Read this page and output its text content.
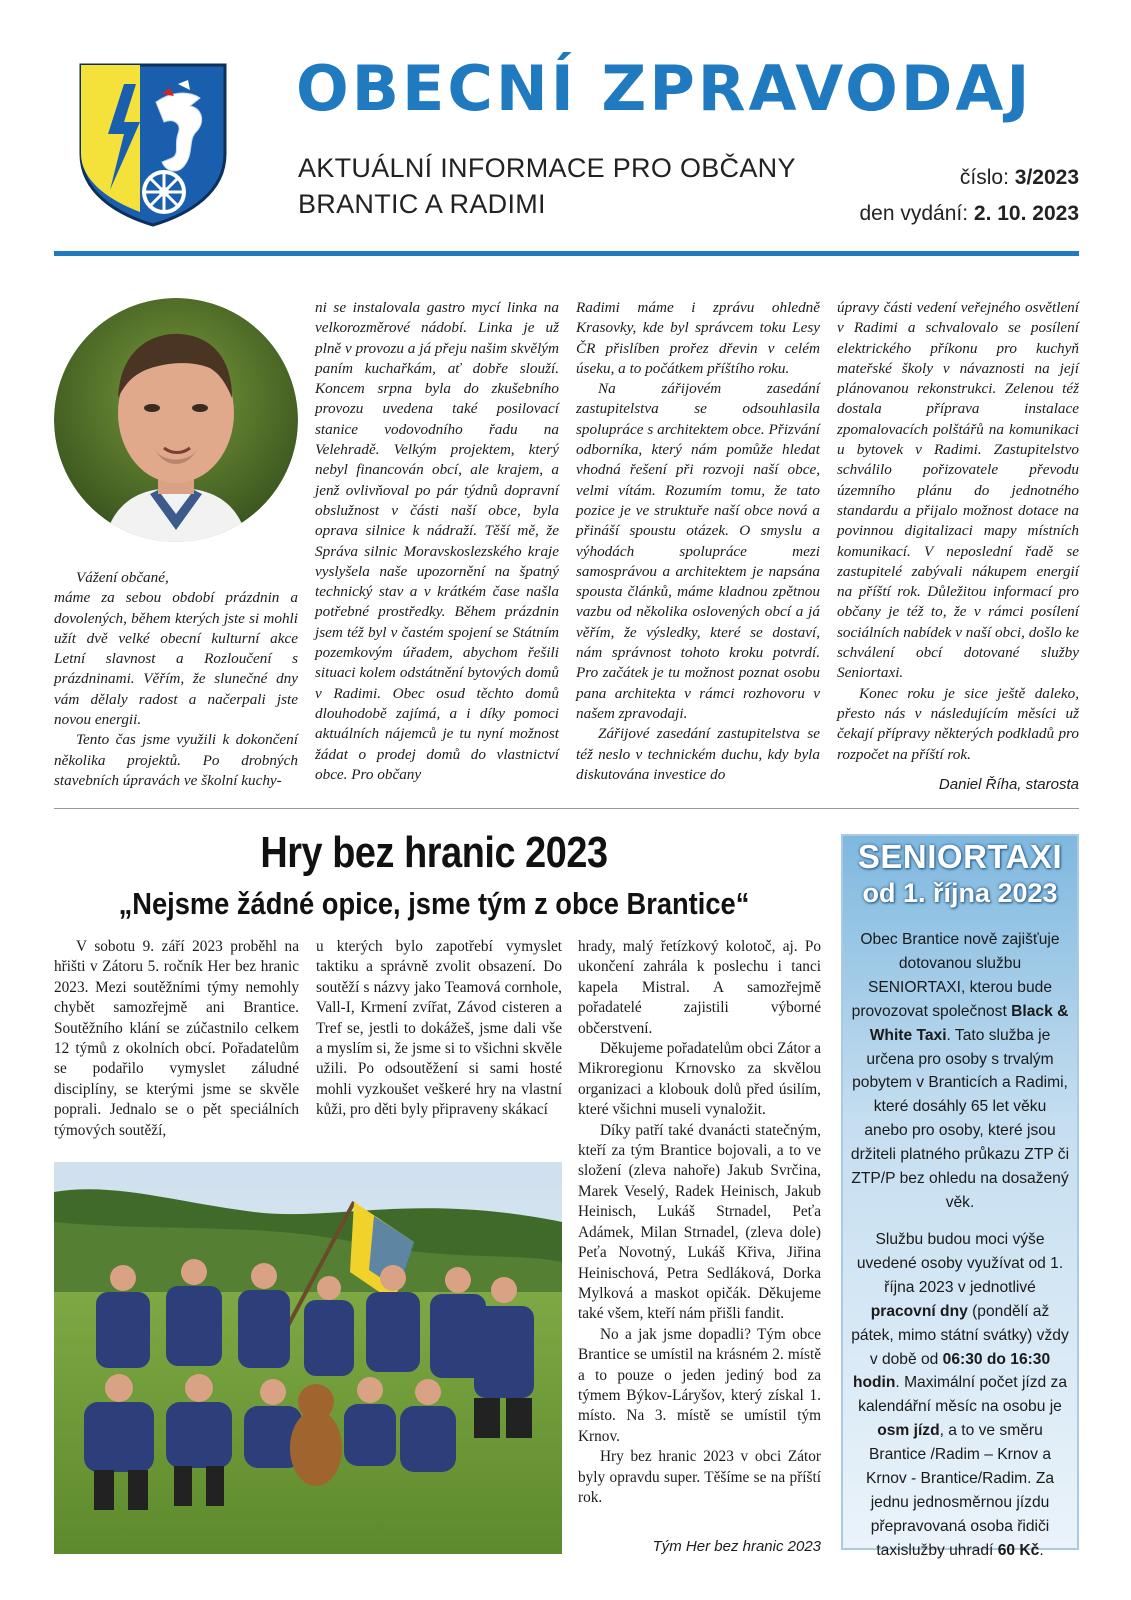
OBECNÍ ZPRAVODAJ
AKTUÁLNÍ INFORMACE PRO OBČANY
BRANTIC A RADIMI
číslo: 3/2023
den vydání: 2. 10. 2023

Vážení občané,

máme za sebou období prázdnin a dovolených, během kterých jste si mohli užít dvě velké obecní kulturní akce Letní slavnost a Rozloučení s prázdninami. Věřím, že slunečné dny vám dělaly radost a načerpali jste novou energii.

Tento čas jsme využili k dokončení několika projektů. Po drobných stavebních úpravách ve školní kuchy-

ni se instalovala gastro mycí linka na velkorozměrové nádobí. Linka je už plně v provozu a já přeju našim skvělým paním kuchařkám, ať dobře slouží. Koncem srpna byla do zkušebního provozu uvedena také posilovací stanice vodovodního řadu na Velehradě. Velkým projektem, který nebyl financován obcí, ale krajem, a jenž ovlivňoval po pár týdnů dopravní obslužnost v části naší obce, byla oprava silnice k nádraží. Těší mě, že Správa silnic Moravskoslezského kraje vyslyšela naše upozornění na špatný technický stav a v krátkém čase našla potřebné prostředky. Během prázdnin jsem též byl v častém spojení se Státním pozemkovým úřadem, abychom řešili situaci kolem odstátnění bytových domů v Radimi. Obec osud těchto domů dlouhodobě zajímá, a i díky pomoci aktuálních nájemců je tu nyní možnost žádat o prodej domů do vlastnictví obce. Pro občany

Radimi máme i zprávu ohledně Krasovky, kde byl správcem toku Lesy ČR přislíben prořez dřevin v celém úseku, a to počátkem příštího roku.

Na zářijovém zasedání zastupitelstva se odsouhlasila spolupráce s architektem obce. Přizvání odborníka, který nám pomůže hledat vhodná řešení při rozvoji naší obce, velmi vítám. Rozumím tomu, že tato pozice je ve struktuře naší obce nová a přináší spoustu otázek. O smyslu a výhodách spolupráce mezi samosprávou a architektem je napsána spousta článků, máme kladnou zpětnou vazbu od několika oslovených obcí a já věřím, že výsledky, které se dostaví, nám správnost tohoto kroku potvrdí. Pro začátek je tu možnost poznat osobu pana architekta v rámci rozhovoru v našem zpravodaji.

Zářijové zasedání zastupitelstva se též neslo v technickém duchu, kdy byla diskutována investice do

úpravy části vedení veřejného osvětlení v Radimi a schvalovalo se posílení elektrického příkonu pro kuchyň mateřské školy v návaznosti na její plánovanou rekonstrukci. Zelenou též dostala příprava instalace zpomalovacích polštářů na komunikaci u bytovek v Radimi. Zastupitelstvo schválilo pořizovatele převodu územního plánu do jednotného standardu a přijalo možnost dotace na povinnou digitalizaci mapy místních komunikací. V neposlední řadě se zastupitelé zabývali nákupem energií na příští rok. Důležitou informací pro občany je též to, že v rámci posílení sociálních nabídek v naší obci, došlo ke schválení obcí dotované služby Seniortaxi.

Konec roku je sice ještě daleko, přesto nás v následujícím měsíci už čekají přípravy některých podkladů pro rozpočet na příští rok.

Daniel Říha, starosta
Hry bez hranic 2023
„Nejsme žádné opice, jsme tým z obce Brantice“

V sobotu 9. září 2023 proběhl na hřišti v Zátoru 5. ročník Her bez hranic 2023. Mezi soutěžními týmy nemohly chybět samozřejmě ani Brantice. Soutěžního klání se zúčastnilo celkem 12 týmů z okolních obcí. Pořadatelům se podařilo vymyslet záludné disciplíny, se kterými jsme se skvěle poprali. Jednalo se o pět speciálních týmových soutěží,

u kterých bylo zapotřebí vymyslet taktiku a správně zvolit obsazení. Do soutěží s názvy jako Teamová cornhole, Vall-I, Krmení zvířat, Závod cisteren a Tref se, jestli to dokážeš, jsme dali vše a myslím si, že jsme si to všichni skvěle užili. Po odsoutěžení si sami hosté mohli vyzkoušet veškeré hry na vlastní kůži, pro děti byly připraveny skákací

hrady, malý řetízkový kolotoč, aj. Po ukončení zahrála k poslechu i tanci kapela Mistral. A samozřejmě pořadatelé zajistili výborné občerstvení.

Děkujeme pořadatelům obci Zátor a Mikroregionu Krnovsko za skvělou organizaci a klobouk dolů před úsilím, které všichni museli vynaložit.

Díky patří také dvanácti statečným, kteří za tým Brantice bojovali, a to ve složení (zleva nahoře) Jakub Svrčina, Marek Veselý, Radek Heinisch, Jakub Heinisch, Lukáš Strnadel, Peťa Adámek, Milan Strnadel, (zleva dole) Peťa Novotný, Lukáš Křiva, Jiřina Heinischová, Petra Sedláková, Dorka Mylková a maskot opičák. Děkujeme také všem, kteří nám přišli fandit.

No a jak jsme dopadli? Tým obce Brantice se umístil na krásném 2. místě a to pouze o jeden jediný bod za týmem Býkov-Láryšov, který získal 1. místo. Na 3. místě se umístil tým Krnov.

Hry bez hranic 2023 v obci Zátor byly opravdu super. Těšíme se na příští rok.

Tým Her bez hranic 2023
SENIORTAXI
od 1. října 2023
Obec Brantice nově zajišťuje dotovanou službu SENIORTAXI, kterou bude provozovat společnost Black & White Taxi. Tato služba je určena pro osoby s trvalým pobytem v Branticích a Radimi, které dosáhly 65 let věku anebo pro osoby, které jsou držiteli platného průkazu ZTP či ZTP/P bez ohledu na dosažený věk.
Službu budou moci výše uvedené osoby využívat od 1. října 2023 v jednotlivé pracovní dny (pondělí až pátek, mimo státní svátky) vždy v době od 06:30 do 16:30 hodin. Maximální počet jízd za kalendářní měsíc na osobu je osm jízd, a to ve směru Brantice /Radim – Krnov a Krnov - Brantice/Radim. Za jednu jednosměrnou jízdu přepravovaná osoba řidiči taxislužby uhradí 60 Kč.
